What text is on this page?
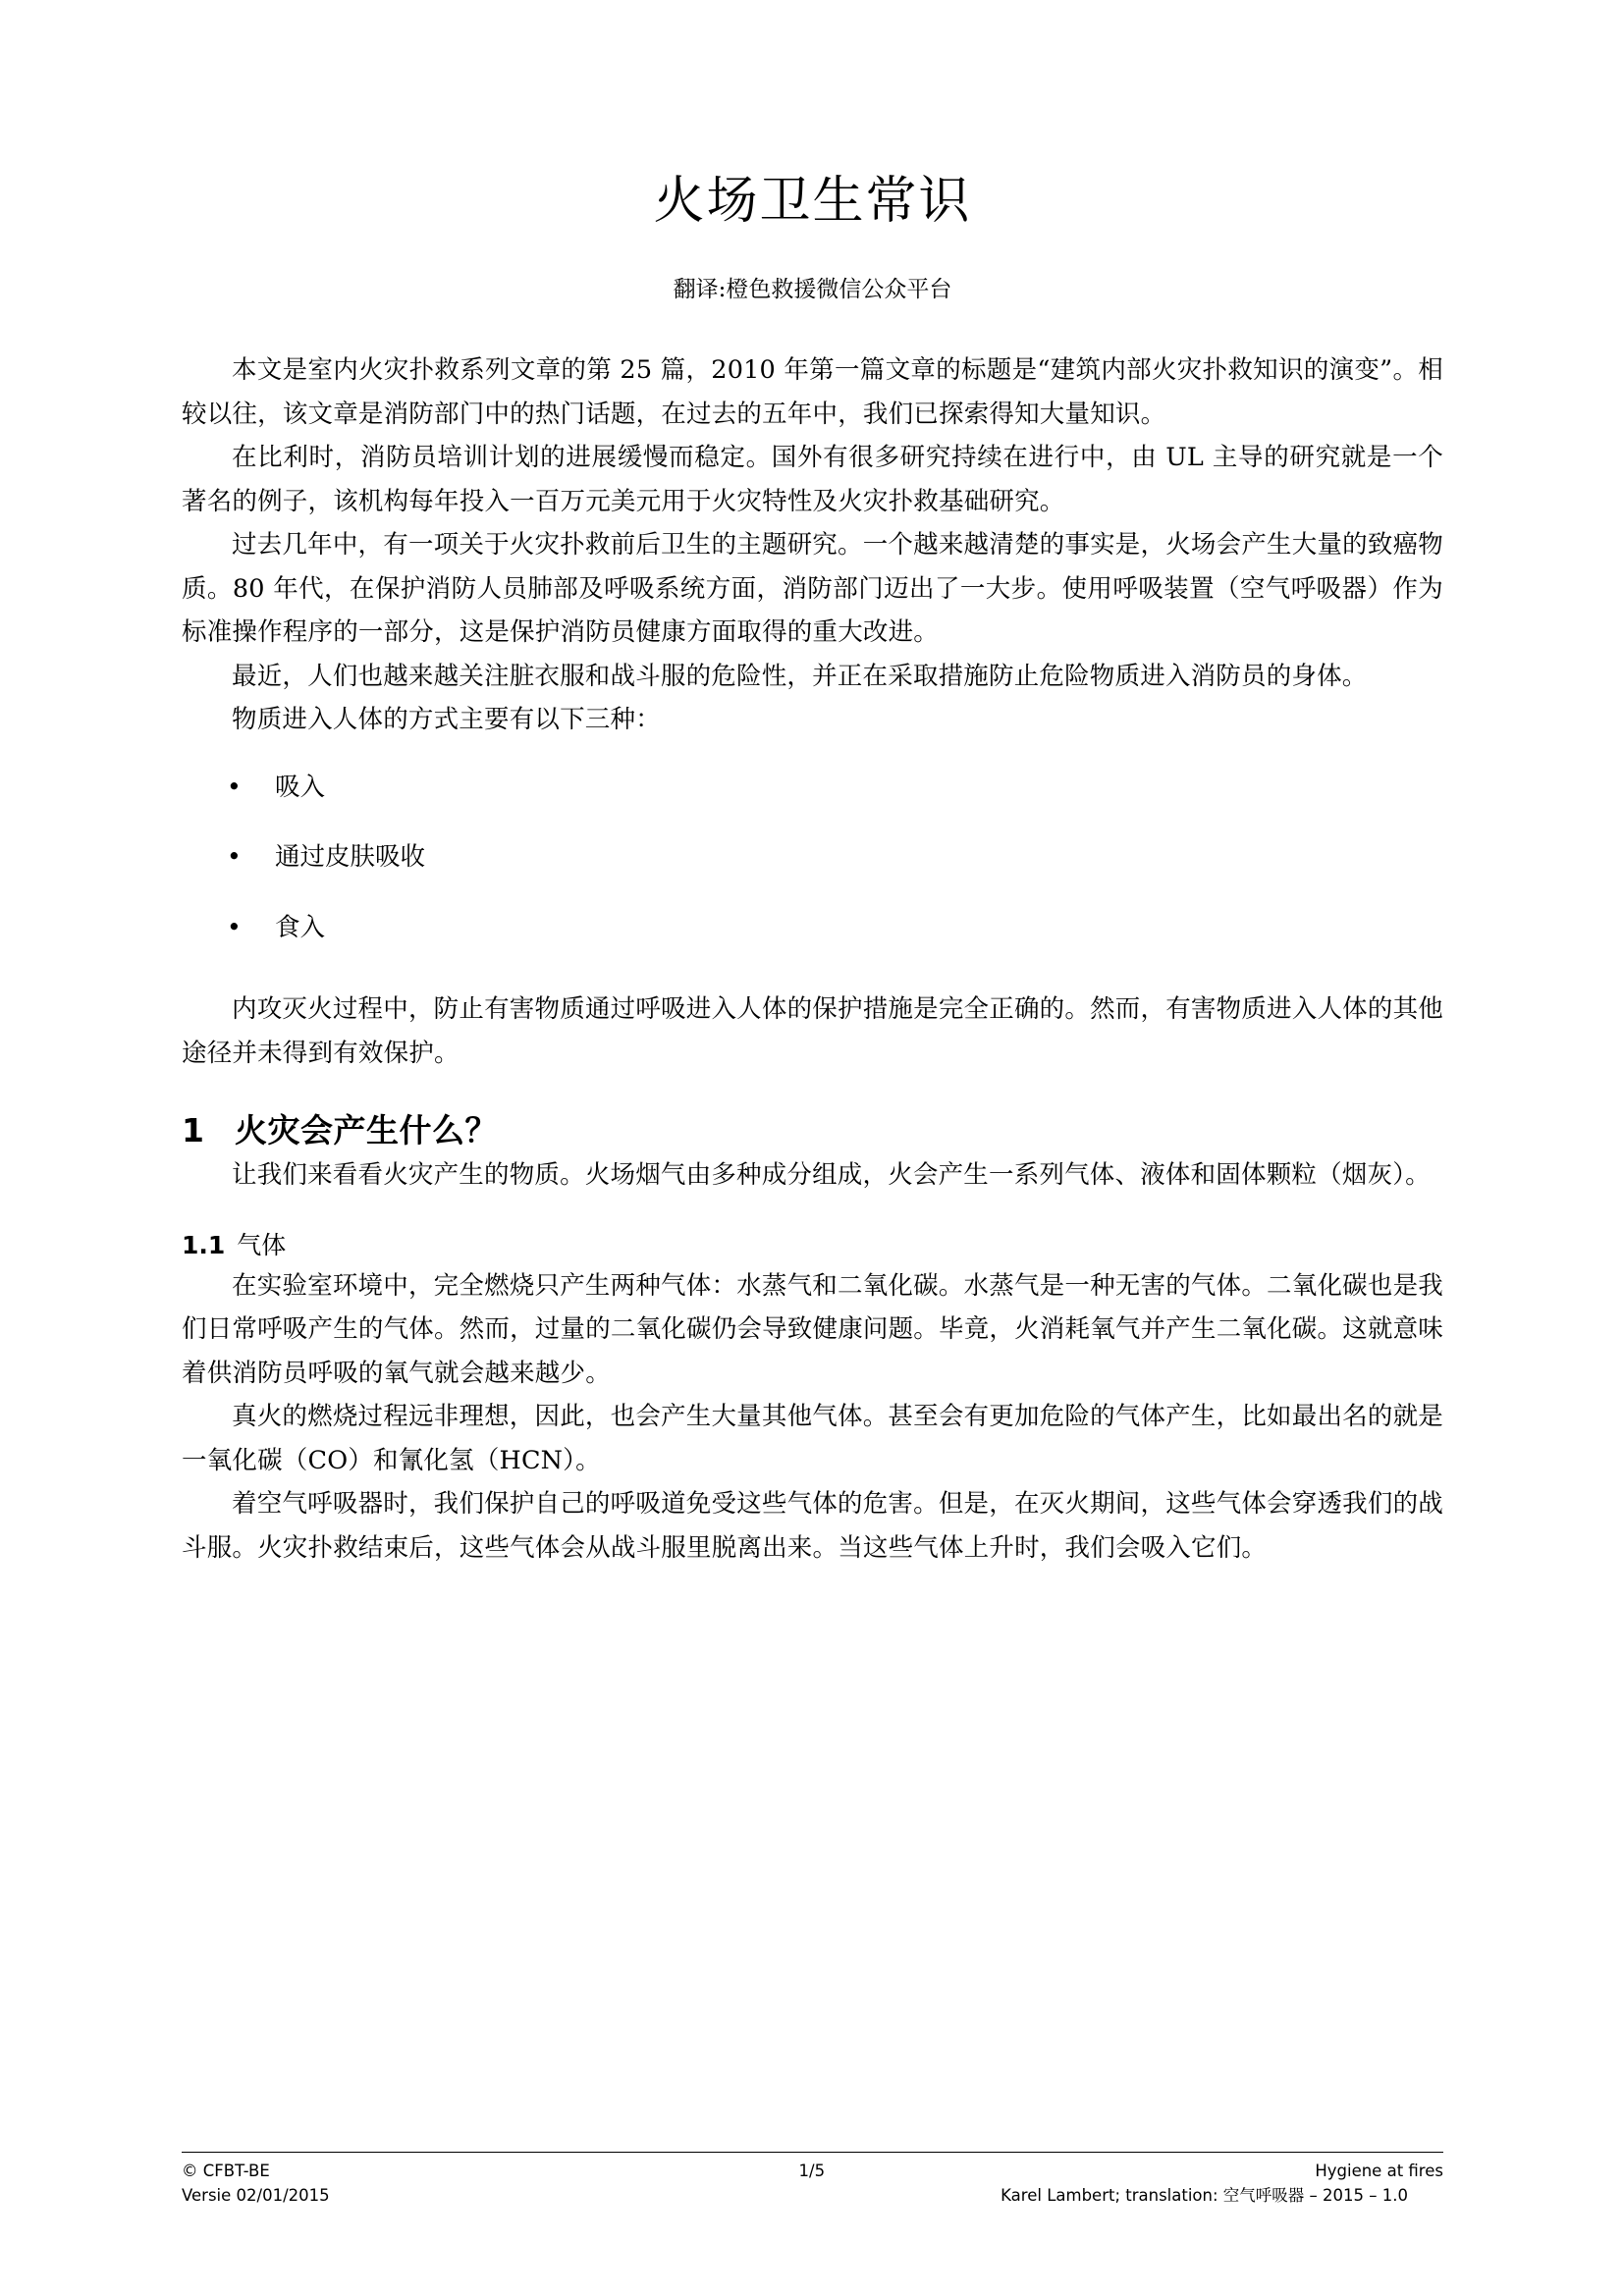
火场卫生常识
翻译:橙色救援微信公众平台

本文是室内火灾扑救系列文章的第 25 篇，2010 年第一篇文章的标题是“建筑内部火灾扑救知识的演变”。相较以往，该文章是消防部门中的热门话题，在过去的五年中，我们已探索得知大量知识。

在比利时，消防员培训计划的进展缓慢而稳定。国外有很多研究持续在进行中，由 UL 主导的研究就是一个著名的例子，该机构每年投入一百万元美元用于火灾特性及火灾扑救基础研究。

过去几年中，有一项关于火灾扑救前后卫生的主题研究。一个越来越清楚的事实是，火场会产生大量的致癌物质。80 年代，在保护消防人员肺部及呼吸系统方面，消防部门迈出了一大步。使用呼吸装置（空气呼吸器）作为标准操作程序的一部分，这是保护消防员健康方面取得的重大改进。

最近，人们也越来越关注脏衣服和战斗服的危险性，并正在采取措施防止危险物质进入消防员的身体。

物质进入人体的方式主要有以下三种：

• 吸入
• 通过皮肤吸收
• 食入

内攻灭火过程中，防止有害物质通过呼吸进入人体的保护措施是完全正确的。然而，有害物质进入人体的其他途径并未得到有效保护。

1 火灾会产生什么？

让我们来看看火灾产生的物质。火场烟气由多种成分组成，火会产生一系列气体、液体和固体颗粒（烟灰）。

1.1 气体

在实验室环境中，完全燃烧只产生两种气体：水蒸气和二氧化碳。水蒸气是一种无害的气体。二氧化碳也是我们日常呼吸产生的气体。然而，过量的二氧化碳仍会导致健康问题。毕竟，火消耗氧气并产生二氧化碳。这就意味着供消防员呼吸的氧气就会越来越少。

真火的燃烧过程远非理想，因此，也会产生大量其他气体。甚至会有更加危险的气体产生，比如最出名的就是一氧化碳（CO）和氰化氢（HCN）。

着空气呼吸器时，我们保护自己的呼吸道免受这些气体的危害。但是，在灭火期间，这些气体会穿透我们的战斗服。火灾扑救结束后，这些气体会从战斗服里脱离出来。当这些气体上升时，我们会吸入它们。

© CFBT-BE	1/5	Hygiene at fires
Versie 02/01/2015	Karel Lambert; translation: 空气呼吸器 – 2015 – 1.0
